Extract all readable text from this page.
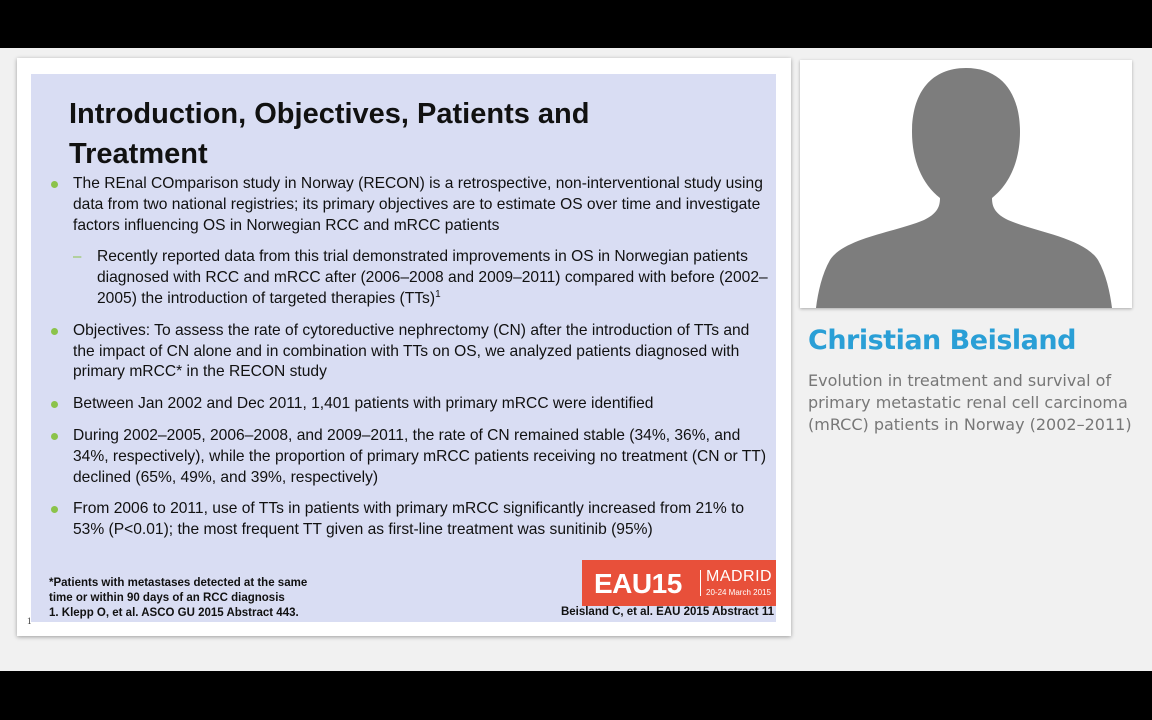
Introduction, Objectives, Patients and Treatment
The REnal COmparison study in Norway (RECON) is a retrospective, non-interventional study using data from two national registries; its primary objectives are to estimate OS over time and investigate factors influencing OS in Norwegian RCC and mRCC patients
– Recently reported data from this trial demonstrated improvements in OS in Norwegian patients diagnosed with RCC and mRCC after (2006–2008 and 2009–2011) compared with before (2002–2005) the introduction of targeted therapies (TTs)$^1$
Objectives: To assess the rate of cytoreductive nephrectomy (CN) after the introduction of TTs and the impact of CN alone and in combination with TTs on OS, we analyzed patients diagnosed with primary mRCC* in the RECON study
Between Jan 2002 and Dec 2011, 1,401 patients with primary mRCC were identified
During 2002–2005, 2006–2008, and 2009–2011, the rate of CN remained stable (34%, 36%, and 34%, respectively), while the proportion of primary mRCC patients receiving no treatment (CN or TT) declined (65%, 49%, and 39%, respectively)
From 2006 to 2011, use of TTs in patients with primary mRCC significantly increased from 21% to 53% (P<0.01); the most frequent TT given as first-line treatment was sunitinib (95%)
*Patients with metastases detected at the same
time or within 90 days of an RCC diagnosis
1. Klepp O, et al. ASCO GU 2015 Abstract 443.
EAU15 MADRID
20-24 March 2015
Beisland C, et al. EAU 2015 Abstract 11
1
Christian Beisland
Evolution in treatment and survival of primary metastatic renal cell carcinoma (mRCC) patients in Norway (2002–2011)
